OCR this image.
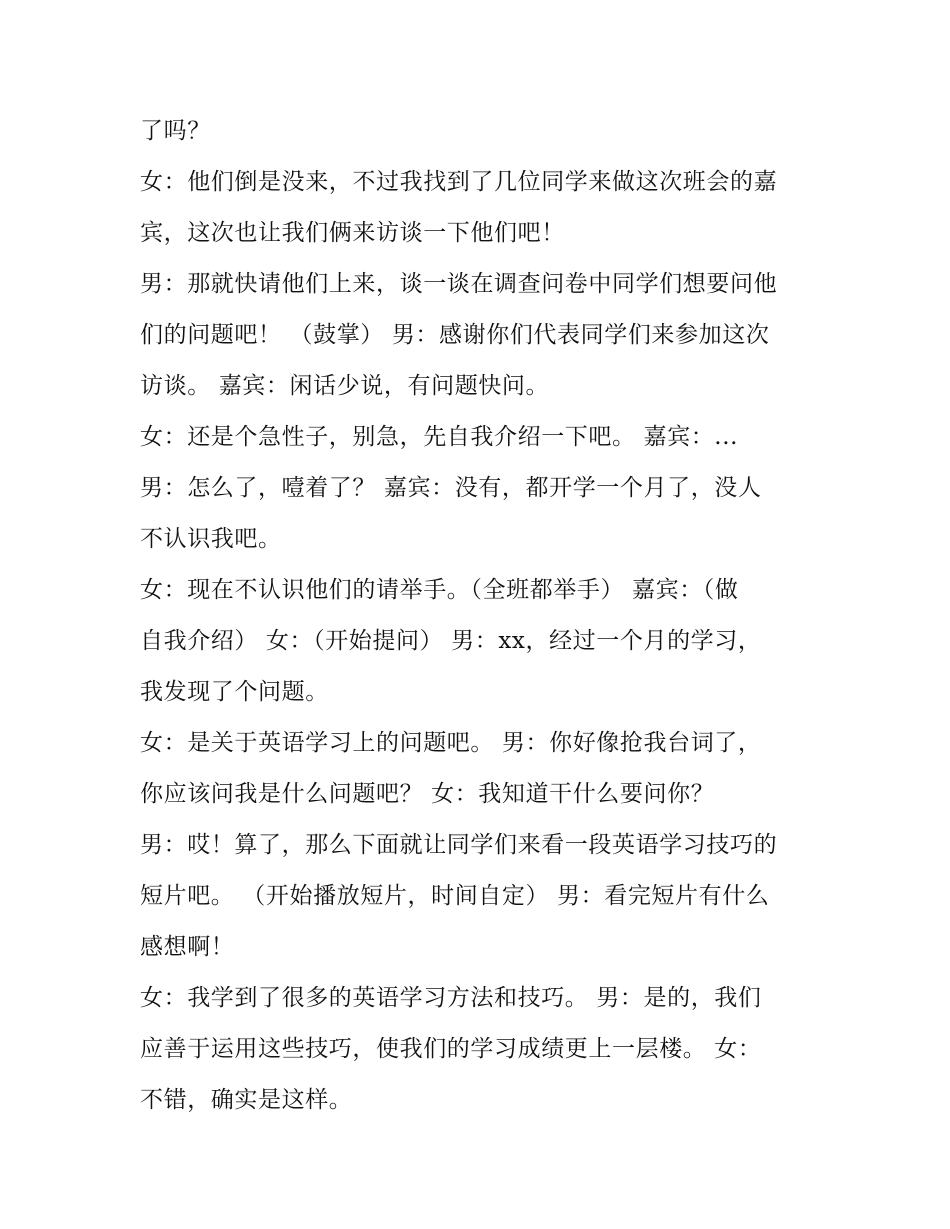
了吗？
女：他们倒是没来，不过我找到了几位同学来做这次班会的嘉
宾，这次也让我们俩来访谈一下他们吧！
男：那就快请他们上来，谈一谈在调查问卷中同学们想要问他
们的问题吧！ （鼓掌） 男：感谢你们代表同学们来参加这次
访谈。 嘉宾：闲话少说，有问题快问。
女：还是个急性子，别急，先自我介绍一下吧。 嘉宾：...
男：怎么了，噎着了？ 嘉宾：没有，都开学一个月了，没人
不认识我吧。
女：现在不认识他们的请举手。（全班都举手） 嘉宾：（做
自我介绍） 女：（开始提问） 男：xx，经过一个月的学习，
我发现了个问题。
女：是关于英语学习上的问题吧。 男：你好像抢我台词了，
你应该问我是什么问题吧？ 女：我知道干什么要问你？
男：哎！算了，那么下面就让同学们来看一段英语学习技巧的
短片吧。 （开始播放短片，时间自定） 男：看完短片有什么
感想啊！
女：我学到了很多的英语学习方法和技巧。 男：是的，我们
应善于运用这些技巧，使我们的学习成绩更上一层楼。 女：
不错，确实是这样。
